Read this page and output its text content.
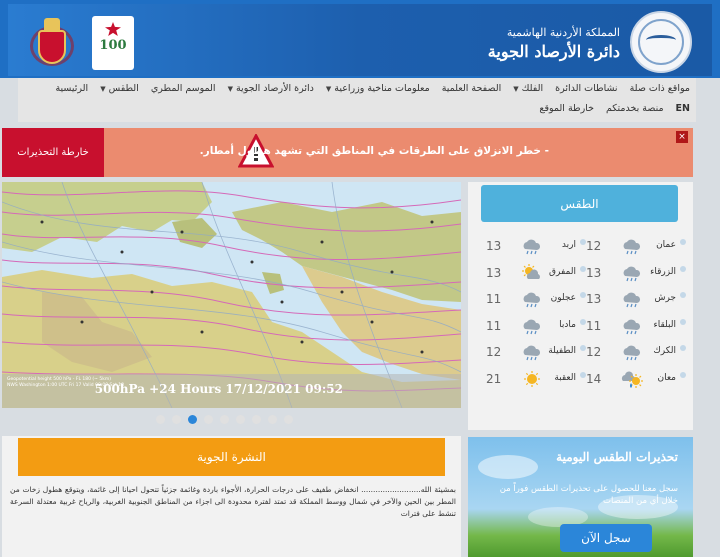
100
المملكة الأردنية الهاشمية
دائرة الأرصاد الجوية
الرئيسية	الطقس▼	الموسم المطري	دائرة الأرصاد الجوية▼	معلومات مناخية وزراعية▼	الصفحة العلمية	الفلك▼	نشاطات الدائرة مواقع ذات صلة
خارطة الموقع منصة بخدمتكم EN
خارطة التحذيرات	- خطر الانزلاق على الطرقات في المناطق التي تشهد هطول أمطار.
×
Geopotential height 500 hPa - FL 180 (~ 5km)
NWS Washington 1:00 UTC Fri 17 Valid 00:00 Sat 18
500hPa +24 Hours 17/12/2021 09:52
الطقس
عمان
12
اربد
13
الزرقاء
13
المفرق
13
جرش
13
عجلون
11
البلقاء
11
مادبا
11
الكرك
12
الطفيلة
12
معان
14
العقبة
21
النشرة الجوية
بمشيئة الله......................... انخفاض طفيف على درجات الحرارة، الأجواء باردة وغائمة جزئياً تتحول احيانا إلى غائمة، ويتوقع هطول زخات من المطر بين الحين والآخر في شمال ووسط المملكة قد تمتد لفترة محدودة الى اجزاء من المناطق الجنوبية الغربية، والرياح غربية معتدلة السرعة تنشط على فترات
تحذيرات الطقس اليومية
سجل معنا للحصول على تحذيرات الطقس فوراً من خلال أي من المنصات
سجل الآن
